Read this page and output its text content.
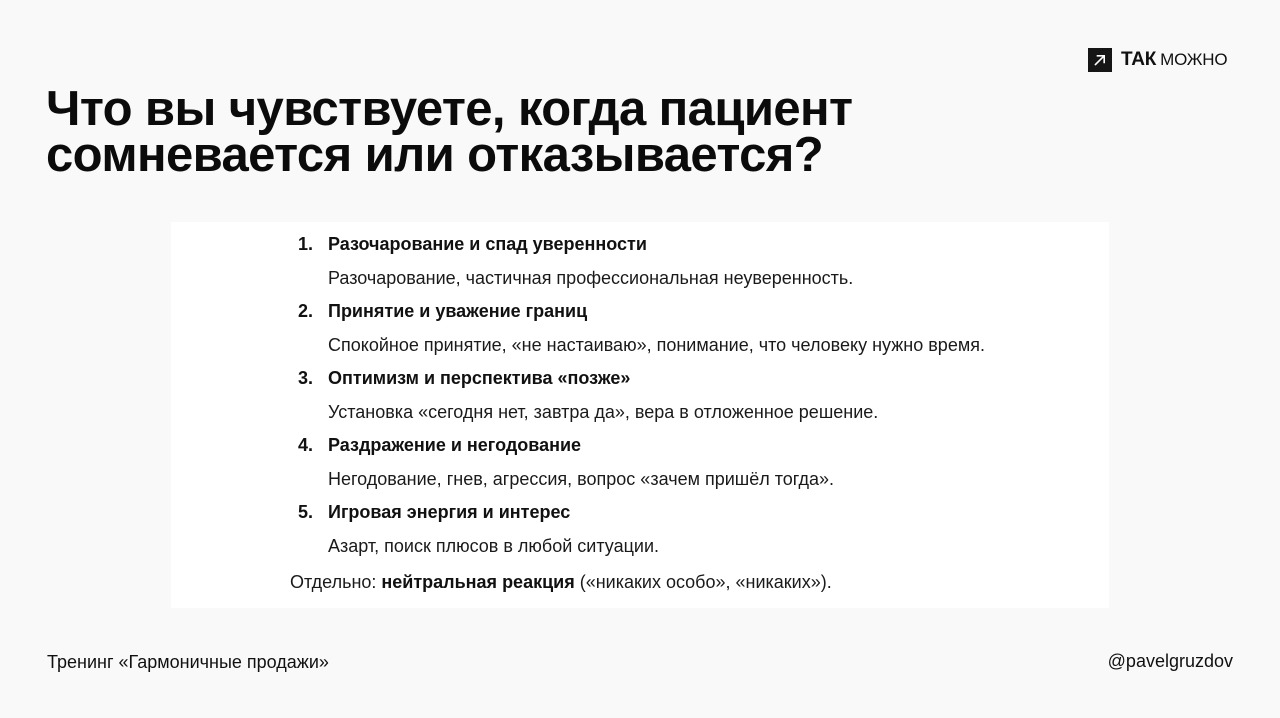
ТАК МОЖНО
Что вы чувствуете, когда пациент
сомневается или отказывается?
1. Разочарование и спад уверенности
Разочарование, частичная профессиональная неуверенность.
2. Принятие и уважение границ
Спокойное принятие, «не настаиваю», понимание, что человеку нужно время.
3. Оптимизм и перспектива «позже»
Установка «сегодня нет, завтра да», вера в отложенное решение.
4. Раздражение и негодование
Негодование, гнев, агрессия, вопрос «зачем пришёл тогда».
5. Игровая энергия и интерес
Азарт, поиск плюсов в любой ситуации.
Отдельно: нейтральная реакция («никаких особо», «никаких»).
Тренинг «Гармоничные продажи»	@pavelgruzdov
